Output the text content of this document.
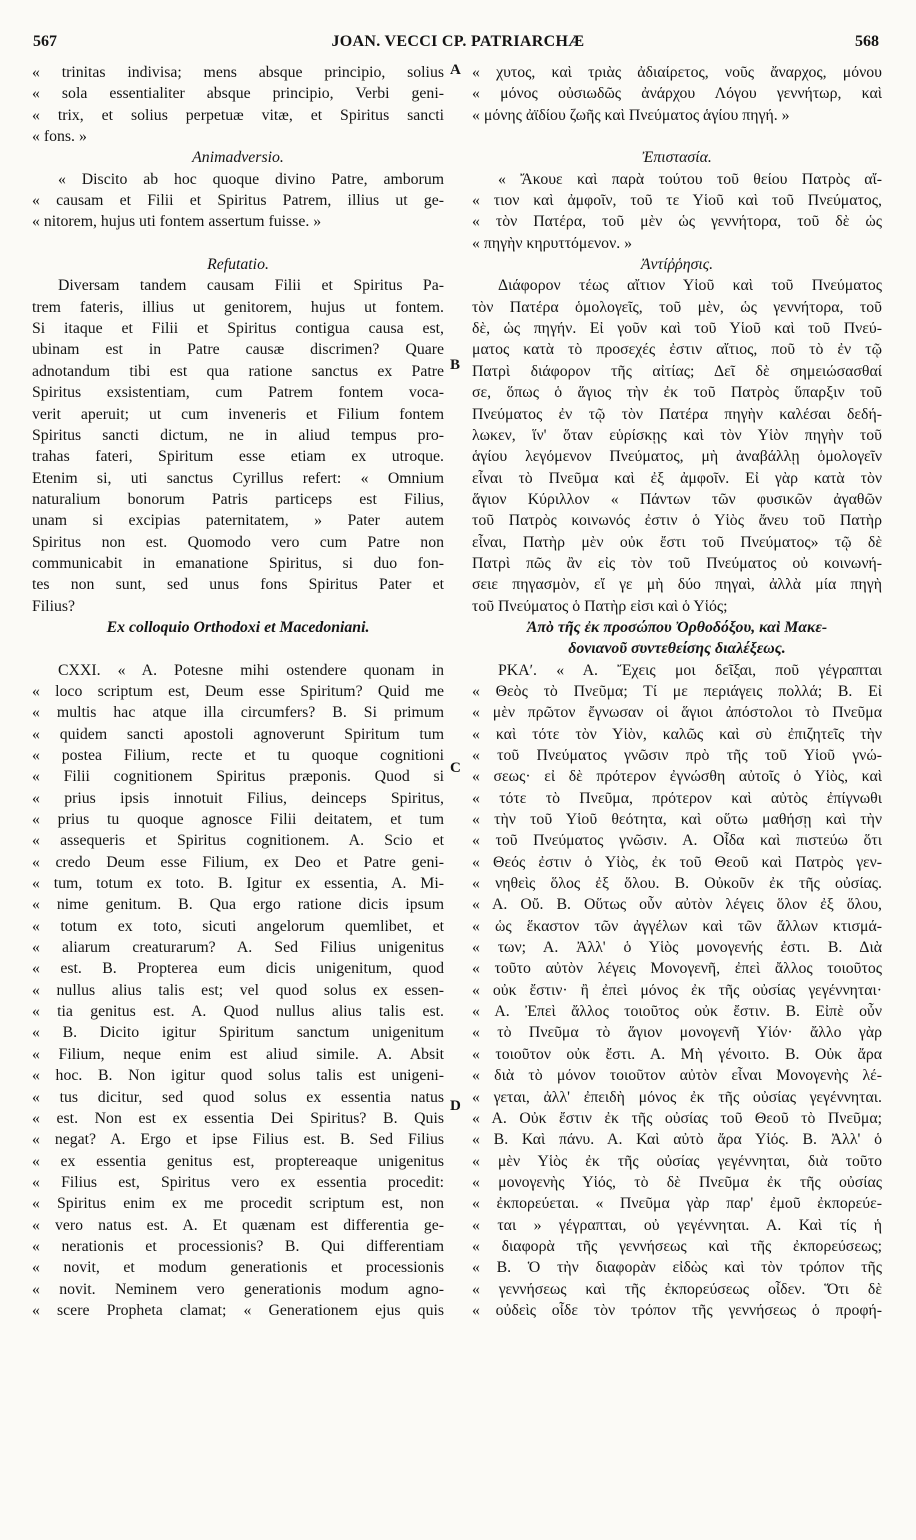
567	JOAN. VECCI CP. PATRIARCHÆ	568
« trinitas indivisa; mens absque principio, solius
« sola essentialiter absque principio, Verbi geni-
« trix, et solius perpetuæ vitæ, et Spiritus sancti
« fons. »
Animadversio.
« Discito ab hoc quoque divino Patre, amborum
« causam et Filii et Spiritus Patrem, illius ut ge-
« nitorem, hujus uti fontem assertum fuisse. »
Refutatio.
Diversam tandem causam Filii et Spiritus Pa-
trem fateris, illius ut genitorem, hujus ut fontem.
Si itaque et Filii et Spiritus contigua causa est,
ubinam est in Patre causæ discrimen? Quare
adnotandum tibi est qua ratione sanctus ex Patre
Spiritus exsistentiam, cum Patrem fontem voca-
verit aperuit; ut cum inveneris et Filium fontem
Spiritus sancti dictum, ne in aliud tempus pro-
trahas fateri, Spiritum esse etiam ex utroque.
Etenim si, uti sanctus Cyrillus refert: « Omnium
naturalium bonorum Patris particeps est Filius,
unam si excipias paternitatem, » Pater autem
Spiritus non est. Quomodo vero cum Patre non
communicabit in emanatione Spiritus, si duo fon-
tes non sunt, sed unus fons Spiritus Pater et
Filius?
Ex colloquio Orthodoxi et Macedoniani.
CXXI. « A. Potesne mihi ostendere quonam in
« loco scriptum est, Deum esse Spiritum? Quid me
« multis hac atque illa circumfers? B. Si primum
« quidem sancti apostoli agnoverunt Spiritum tum
« postea Filium, recte et tu quoque cognitioni
« Filii cognitionem Spiritus præponis. Quod si
« prius ipsis innotuit Filius, deinceps Spiritus,
« prius tu quoque agnosce Filii deitatem, et tum
« assequeris et Spiritus cognitionem. A. Scio et
« credo Deum esse Filium, ex Deo et Patre geni-
« tum, totum ex toto. B. Igitur ex essentia, A. Mi-
« nime genitum. B. Qua ergo ratione dicis ipsum
« totum ex toto, sicuti angelorum quemlibet, et
« aliarum creaturarum? A. Sed Filius unigenitus
« est. B. Propterea eum dicis unigenitum, quod
« nullus alius talis est; vel quod solus ex essen-
« tia genitus est. A. Quod nullus alius talis est.
« B. Dicito igitur Spiritum sanctum unigenitum
« Filium, neque enim est aliud simile. A. Absit
« hoc. B. Non igitur quod solus talis est unigeni-
« tus dicitur, sed quod solus ex essentia natus
« est. Non est ex essentia Dei Spiritus? B. Quis
« negat? A. Ergo et ipse Filius est. B. Sed Filius
« ex essentia genitus est, proptereaque unigenitus
« Filius est, Spiritus vero ex essentia procedit:
« Spiritus enim ex me procedit scriptum est, non
« vero natus est. A. Et quænam est differentia ge-
« nerationis et processionis? B. Qui differentiam
« novit, et modum generationis et processionis
« novit. Neminem vero generationis modum agno-
« scere Propheta clamat; « Generationem ejus quis
« χυτος, καὶ τριὰς ἀδιαίρετος, νοῦς ἄναρχος, μόνου
« μόνος οὐσιωδῶς ἀνάρχου Λόγου γεννήτωρ, καὶ
« μόνης ἀϊδίου ζωῆς καὶ Πνεύματος ἁγίου πηγή. »
Ἐπιστασία.
« Ἄκουε καὶ παρὰ τούτου τοῦ θείου Πατρὸς αἴ-
« τιον καὶ ἀμφοῖν, τοῦ τε Υἱοῦ καὶ τοῦ Πνεύματος,
« τὸν Πατέρα, τοῦ μὲν ὡς γεννήτορα, τοῦ δὲ ὡς
« πηγὴν κηρυττόμενον. »
Ἀντίῤῥησις.
Διάφορον τέως αἴτιον Υἱοῦ καὶ τοῦ Πνεύματος
τὸν Πατέρα ὁμολογεῖς, τοῦ μὲν, ὡς γεννήτορα, τοῦ
δὲ, ὡς πηγήν. Εἰ γοῦν καὶ τοῦ Υἱοῦ καὶ τοῦ Πνεύ-
ματος κατὰ τὸ προσεχές ἐστιν αἴτιος, ποῦ τὸ ἐν τῷ
Πατρὶ διάφορον τῆς αἰτίας; Δεῖ δὲ σημειώσασθαί
σε, ὅπως ὁ ἅγιος τὴν ἐκ τοῦ Πατρὸς ὕπαρξιν τοῦ
Πνεύματος ἐν τῷ τὸν Πατέρα πηγὴν καλέσαι δεδή-
λωκεν, ἵν' ὅταν εὑρίσκῃς καὶ τὸν Υἱὸν πηγὴν τοῦ
ἁγίου λεγόμενον Πνεύματος, μὴ ἀναβάλλῃ ὁμολογεῖν
εἶναι τὸ Πνεῦμα καὶ ἐξ ἀμφοῖν. Εἰ γὰρ κατὰ τὸν
ἅγιον Κύριλλον « Πάντων τῶν φυσικῶν ἀγαθῶν
τοῦ Πατρὸς κοινωνός ἐστιν ὁ Υἱὸς ἄνευ τοῦ Πατὴρ
εἶναι, Πατὴρ μὲν οὐκ ἔστι τοῦ Πνεύματος» τῷ δὲ
Πατρὶ πῶς ἂν εἰς τὸν τοῦ Πνεύματος οὐ κοινωνή-
σειε πηγασμὸν, εἴ γε μὴ δύο πηγαὶ, ἀλλὰ μία πηγὴ
τοῦ Πνεύματος ὁ Πατὴρ εἰσι καὶ ὁ Υἱός;
Ἀπὸ τῆς ἐκ προσώπου Ὀρθοδόξου, καὶ Μακε-
δονιανοῦ συντεθείσης διαλέξεως.
ΡΚΑʹ. « Α. Ἔχεις μοι δεῖξαι, ποῦ γέγραπται
« Θεὸς τὸ Πνεῦμα; Τί με περιάγεις πολλά; Β. Εἰ
« μὲν πρῶτον ἔγνωσαν οἱ ἅγιοι ἀπόστολοι τὸ Πνεῦμα
« καὶ τότε τὸν Υἱὸν, καλῶς καὶ σὺ ἐπιζητεῖς τὴν
« τοῦ Πνεύματος γνῶσιν πρὸ τῆς τοῦ Υἱοῦ γνώ-
« σεως· εἰ δὲ πρότερον ἐγνώσθη αὐτοῖς ὁ Υἱὸς, καὶ
« τότε τὸ Πνεῦμα, πρότερον καὶ αὐτὸς ἐπίγνωθι
« τὴν τοῦ Υἱοῦ θεότητα, καὶ οὕτω μαθήσῃ καὶ τὴν
« τοῦ Πνεύματος γνῶσιν. Α. Οἶδα καὶ πιστεύω ὅτι
« Θεός ἐστιν ὁ Υἱὸς, ἐκ τοῦ Θεοῦ καὶ Πατρὸς γεν-
« νηθεὶς ὅλος ἐξ ὅλου. Β. Οὐκοῦν ἐκ τῆς οὐσίας.
« Α. Οὔ. Β. Οὕτως οὖν αὐτὸν λέγεις ὅλον ἐξ ὅλου,
« ὡς ἕκαστον τῶν ἀγγέλων καὶ τῶν ἄλλων κτισμά-
« των; Α. Ἀλλ' ὁ Υἱὸς μονογενής ἐστι. Β. Διὰ
« τοῦτο αὐτὸν λέγεις Μονογενῆ, ἐπεὶ ἄλλος τοιοῦτος
« οὐκ ἔστιν· ἢ ἐπεὶ μόνος ἐκ τῆς οὐσίας γεγέννηται·
« Α. Ἐπεὶ ἄλλος τοιοῦτος οὐκ ἔστιν. Β. Εἰπὲ οὖν
« τὸ Πνεῦμα τὸ ἅγιον μονογενῆ Υἱόν· ἄλλο γὰρ
« τοιοῦτον οὐκ ἔστι. Α. Μὴ γένοιτο. Β. Οὐκ ἄρα
« διὰ τὸ μόνον τοιοῦτον αὐτὸν εἶναι Μονογενὴς λέ-
« γεται, ἀλλ' ἐπειδὴ μόνος ἐκ τῆς οὐσίας γεγέννηται.
« Α. Οὐκ ἔστιν ἐκ τῆς οὐσίας τοῦ Θεοῦ τὸ Πνεῦμα;
« Β. Καὶ πάνυ. Α. Καὶ αὐτὸ ἄρα Υἱός. Β. Ἀλλ' ὁ
« μὲν Υἱὸς ἐκ τῆς οὐσίας γεγέννηται, διὰ τοῦτο
« μονογενὴς Υἱός, τὸ δὲ Πνεῦμα ἐκ τῆς οὐσίας
« ἐκπορεύεται. « Πνεῦμα γὰρ παρ' ἐμοῦ ἐκπορεύε-
« ται » γέγραπται, οὐ γεγέννηται. Α. Καὶ τίς ἡ
« διαφορὰ τῆς γεννήσεως καὶ τῆς ἐκπορεύσεως;
« Β. Ὁ τὴν διαφορὰν εἰδὼς καὶ τὸν τρόπον τῆς
« γεννήσεως καὶ τῆς ἐκπορεύσεως οἶδεν. Ὅτι δὲ
« οὐδεὶς οἶδε τὸν τρόπον τῆς γεννήσεως ὁ προφή-
A
B
C
D
